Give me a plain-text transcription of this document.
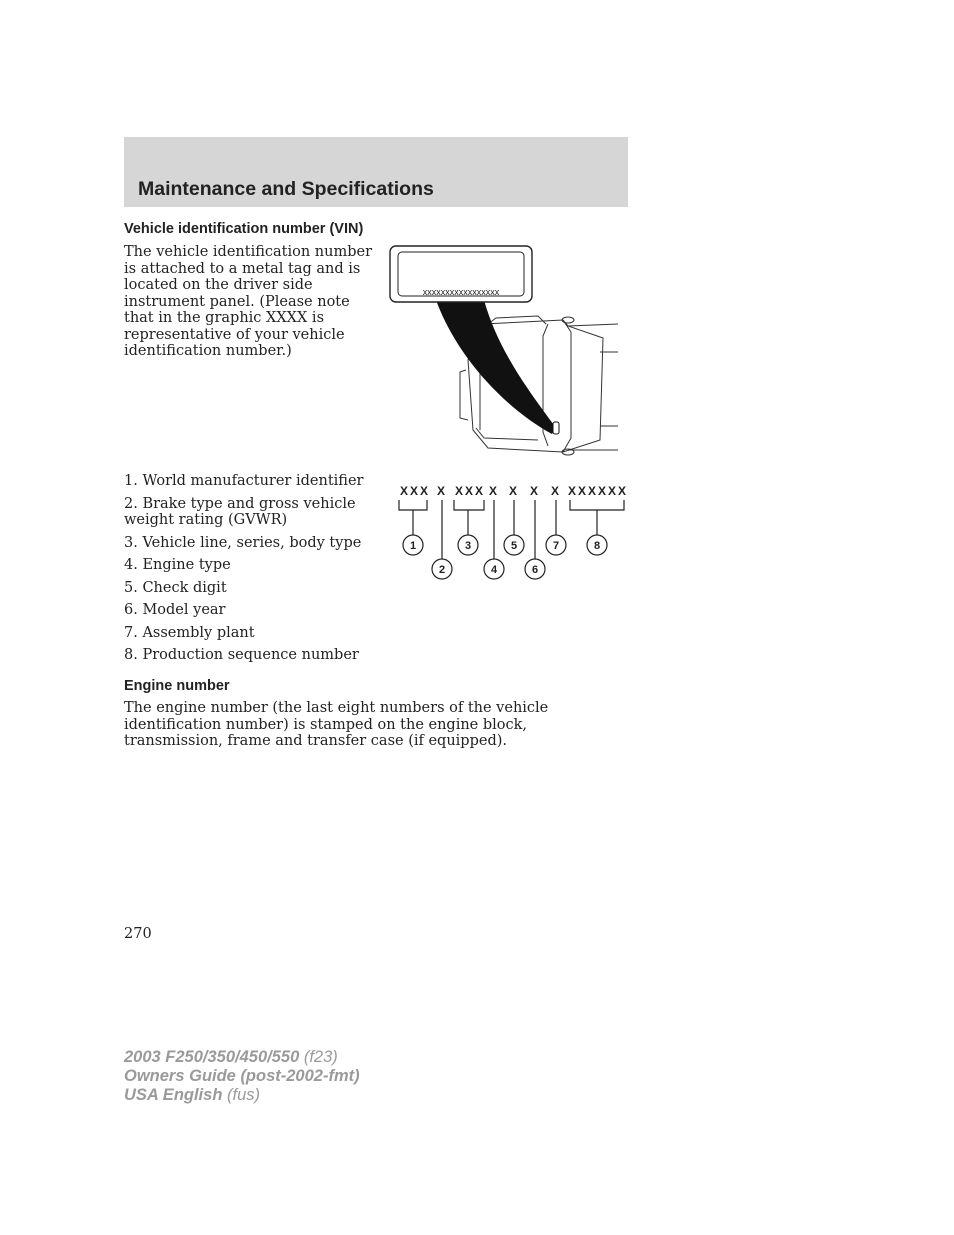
Maintenance and Specifications
Vehicle identification number (VIN)
The vehicle identification number is attached to a metal tag and is located on the driver side instrument panel. (Please note that in the graphic XXXX is representative of your vehicle identification number.)
xxxxxxxxxxxxxxxxx
1. World manufacturer identifier
2. Brake type and gross vehicle weight rating (GVWR)
3. Vehicle line, series, body type
4. Engine type
5. Check digit
6. Model year
7. Assembly plant
8. Production sequence number
XXX X XXX X X X X XXXXXX
1
2
3
4
5
6
7	8
Engine number
The engine number (the last eight numbers of the vehicle identification number) is stamped on the engine block, transmission, frame and transfer case (if equipped).
270
2003 F250/350/450/550 (f23)
Owners Guide (post-2002-fmt)
USA English (fus)
